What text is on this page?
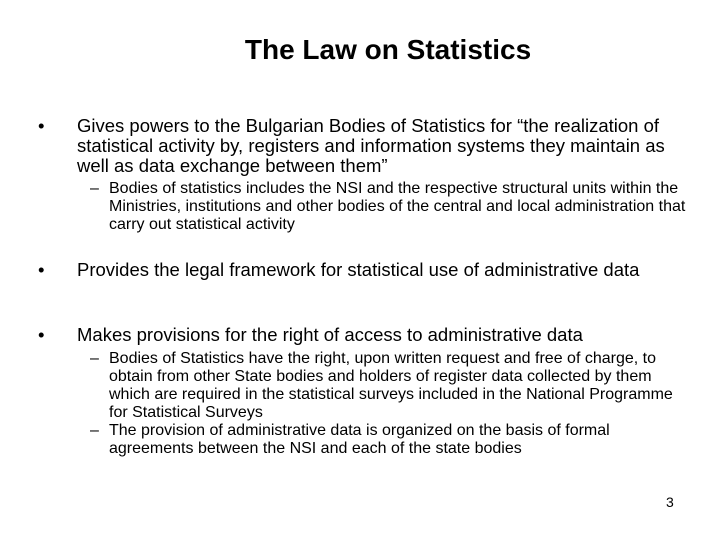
The Law on Statistics
• Gives powers to the Bulgarian Bodies of Statistics for “the realization of statistical activity by, registers and information systems they maintain as well as data exchange between them”
– Bodies of statistics includes the NSI and the respective structural units within the Ministries, institutions and other bodies of the central and local administration that carry out statistical activity
• Provides the legal framework for statistical use of administrative data
• Makes provisions for the right of access to administrative data
– Bodies of Statistics have the right, upon written request and free of charge, to obtain from other State bodies and holders of register data collected by them which are required in the statistical surveys included in the National Programme for Statistical Surveys
– The provision of administrative data is organized on the basis of formal agreements between the NSI and each of the state bodies
3
